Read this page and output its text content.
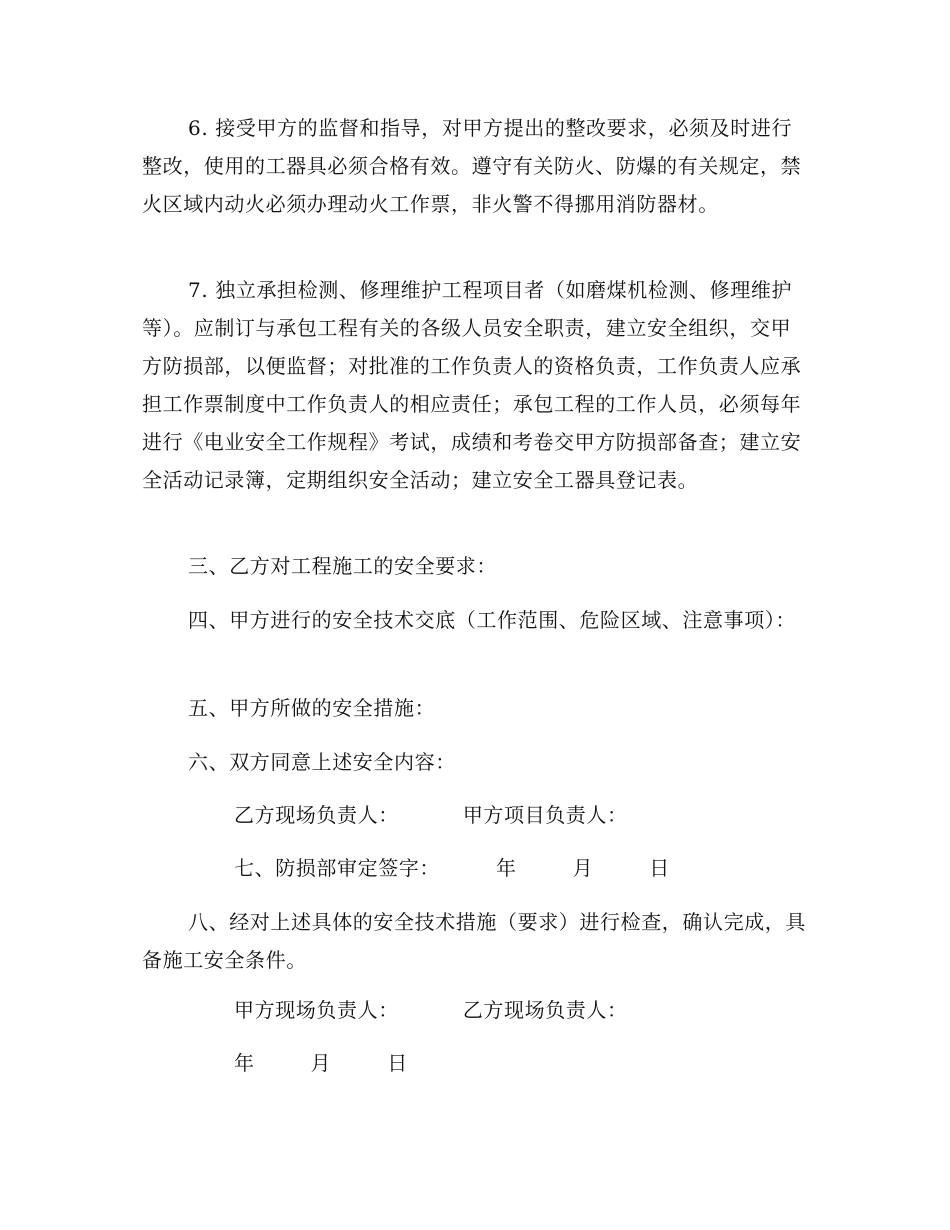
6. 接受甲方的监督和指导，对甲方提出的整改要求，必须及时进行整改，使用的工器具必须合格有效。遵守有关防火、防爆的有关规定，禁火区域内动火必须办理动火工作票，非火警不得挪用消防器材。

7. 独立承担检测、修理维护工程项目者（如磨煤机检测、修理维护等）。应制订与承包工程有关的各级人员安全职责，建立安全组织，交甲方防损部，以便监督；对批准的工作负责人的资格负责，工作负责人应承担工作票制度中工作负责人的相应责任；承包工程的工作人员，必须每年进行《电业安全工作规程》考试，成绩和考卷交甲方防损部备查；建立安全活动记录簿，定期组织安全活动；建立安全工器具登记表。

三、乙方对工程施工的安全要求：

四、甲方进行的安全技术交底（工作范围、危险区域、注意事项）：

五、甲方所做的安全措施：

六、双方同意上述安全内容：

乙方现场负责人：	甲方项目负责人：

七、防损部审定签字：	年	月	日

八、经对上述具体的安全技术措施（要求）进行检查，确认完成，具备施工安全条件。

甲方现场负责人：	乙方现场负责人：

年	月	日
